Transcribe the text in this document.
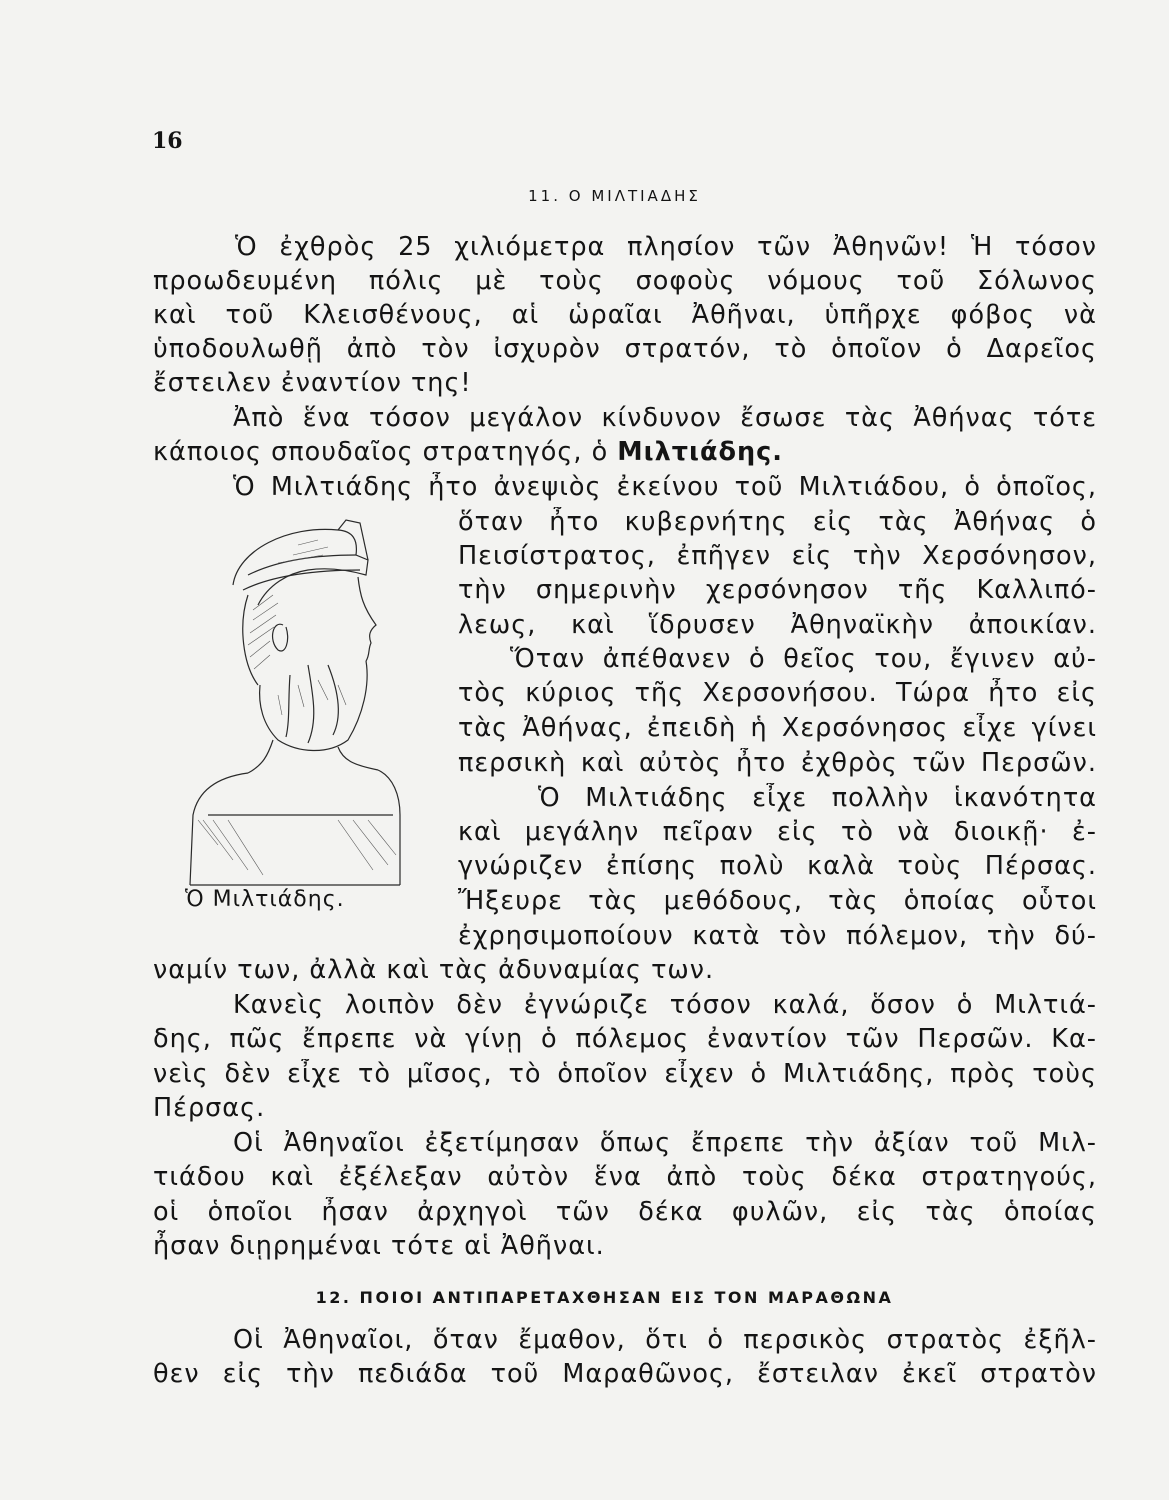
16
11. Ο ΜΙΛΤΙΑΔΗΣ
Ὁ ἐχθρὸς 25 χιλιόμετρα πλησίον τῶν Ἀθηνῶν! Ἡ τόσον
προωδευμένη πόλις μὲ τοὺς σοφοὺς νόμους τοῦ Σόλωνος
καὶ τοῦ Κλεισθένους, αἱ ὡραῖαι Ἀθῆναι, ὑπῆρχε φόβος νὰ
ὑποδουλωθῇ ἀπὸ τὸν ἰσχυρὸν στρατόν, τὸ ὁποῖον ὁ Δαρεῖος
ἔστειλεν ἐναντίον της!
Ἀπὸ ἕνα τόσον μεγάλον κίνδυνον ἔσωσε τὰς Ἀθήνας τότε
κάποιος σπουδαῖος στρατηγός, ὁ Μιλτιάδης.
Ὁ Μιλτιάδης ἦτο ἀνεψιὸς ἐκείνου τοῦ Μιλτιάδου, ὁ ὁποῖος,
ὅταν ἦτο κυβερνήτης εἰς τὰς Ἀθήνας ὁ
Πεισίστρατος, ἐπῆγεν εἰς τὴν Χερσόνησον,
τὴν σημερινὴν χερσόνησον τῆς Καλλιπό-
λεως, καὶ ἵδρυσεν Ἀθηναϊκὴν ἀποικίαν.
Ὅταν ἀπέθανεν ὁ θεῖος του, ἔγινεν αὐ-
τὸς κύριος τῆς Χερσονήσου. Τώρα ἦτο εἰς
τὰς Ἀθήνας, ἐπειδὴ ἡ Χερσόνησος εἶχε γίνει
περσικὴ καὶ αὐτὸς ἦτο ἐχθρὸς τῶν Περσῶν.
Ὁ Μιλτιάδης εἶχε πολλὴν ἱκανότητα
καὶ μεγάλην πεῖραν εἰς τὸ νὰ διοικῇ· ἐ-
γνώριζεν ἐπίσης πολὺ καλὰ τοὺς Πέρσας.
Ἤξευρε τὰς μεθόδους, τὰς ὁποίας οὗτοι
ἐχρησιμοποίουν κατὰ τὸν πόλεμον, τὴν δύ-
ναμίν των, ἀλλὰ καὶ τὰς ἀδυναμίας των.
Κανεὶς λοιπὸν δὲν ἐγνώριζε τόσον καλά, ὅσον ὁ Μιλτιά-
δης, πῶς ἔπρεπε νὰ γίνῃ ὁ πόλεμος ἐναντίον τῶν Περσῶν. Κα-
νεὶς δὲν εἶχε τὸ μῖσος, τὸ ὁποῖον εἶχεν ὁ Μιλτιάδης, πρὸς τοὺς
Πέρσας.
Οἱ Ἀθηναῖοι ἐξετίμησαν ὅπως ἔπρεπε τὴν ἀξίαν τοῦ Μιλ-
τιάδου καὶ ἐξέλεξαν αὐτὸν ἕνα ἀπὸ τοὺς δέκα στρατηγούς,
οἱ ὁποῖοι ἦσαν ἀρχηγοὶ τῶν δέκα φυλῶν, εἰς τὰς ὁποίας
ἦσαν διῃρημέναι τότε αἱ Ἀθῆναι.
12. ΠΟΙΟΙ ΑΝΤΙΠΑΡΕΤΑΧΘΗΣΑΝ ΕΙΣ ΤΟΝ ΜΑΡΑΘΩΝΑ
Οἱ Ἀθηναῖοι, ὅταν ἔμαθον, ὅτι ὁ περσικὸς στρατὸς ἐξῆλ-
θεν εἰς τὴν πεδιάδα τοῦ Μαραθῶνος, ἔστειλαν ἐκεῖ στρατὸν
Ὁ Μιλτιάδης.
